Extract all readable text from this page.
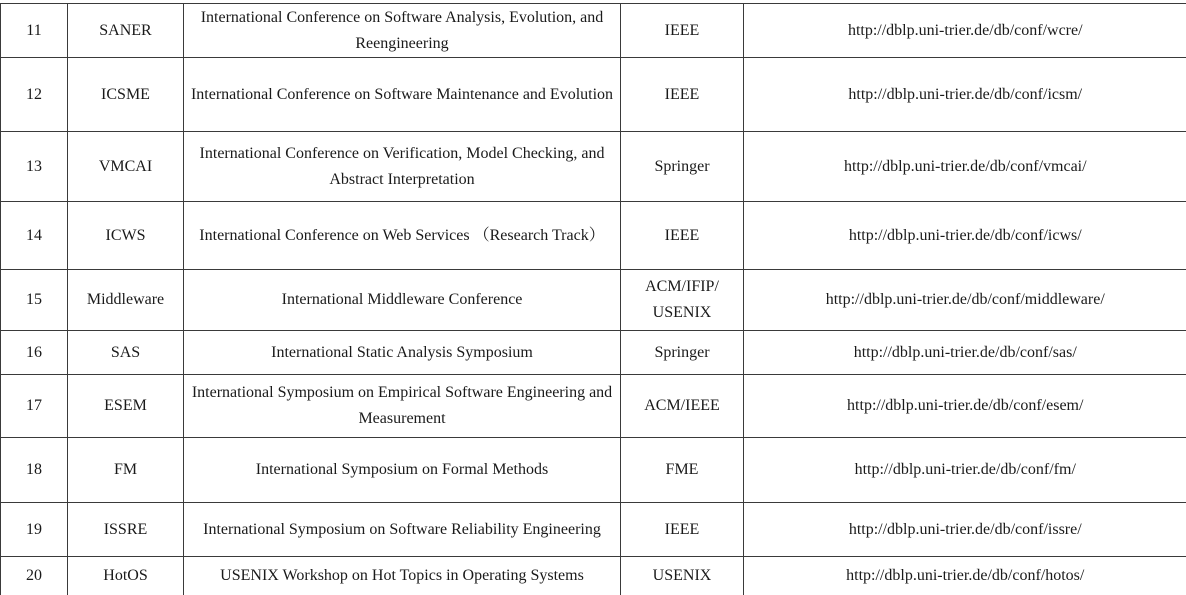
11	SANER	International Conference on Software Analysis, Evolution, and Reengineering	IEEE	http://dblp.uni-trier.de/db/conf/wcre/
12	ICSME	International Conference on Software Maintenance and Evolution	IEEE	http://dblp.uni-trier.de/db/conf/icsm/
13	VMCAI	International Conference on Verification, Model Checking, and Abstract Interpretation	Springer	http://dblp.uni-trier.de/db/conf/vmcai/
14	ICWS	International Conference on Web Services （Research Track）	IEEE	http://dblp.uni-trier.de/db/conf/icws/
15	Middleware	International Middleware Conference	ACM/IFIP/ USENIX	http://dblp.uni-trier.de/db/conf/middleware/
16	SAS	International Static Analysis Symposium	Springer	http://dblp.uni-trier.de/db/conf/sas/
17	ESEM	International Symposium on Empirical Software Engineering and Measurement	ACM/IEEE	http://dblp.uni-trier.de/db/conf/esem/
18	FM	International Symposium on Formal Methods	FME	http://dblp.uni-trier.de/db/conf/fm/
19	ISSRE	International Symposium on Software Reliability Engineering	IEEE	http://dblp.uni-trier.de/db/conf/issre/
20	HotOS	USENIX Workshop on Hot Topics in Operating Systems	USENIX	http://dblp.uni-trier.de/db/conf/hotos/
